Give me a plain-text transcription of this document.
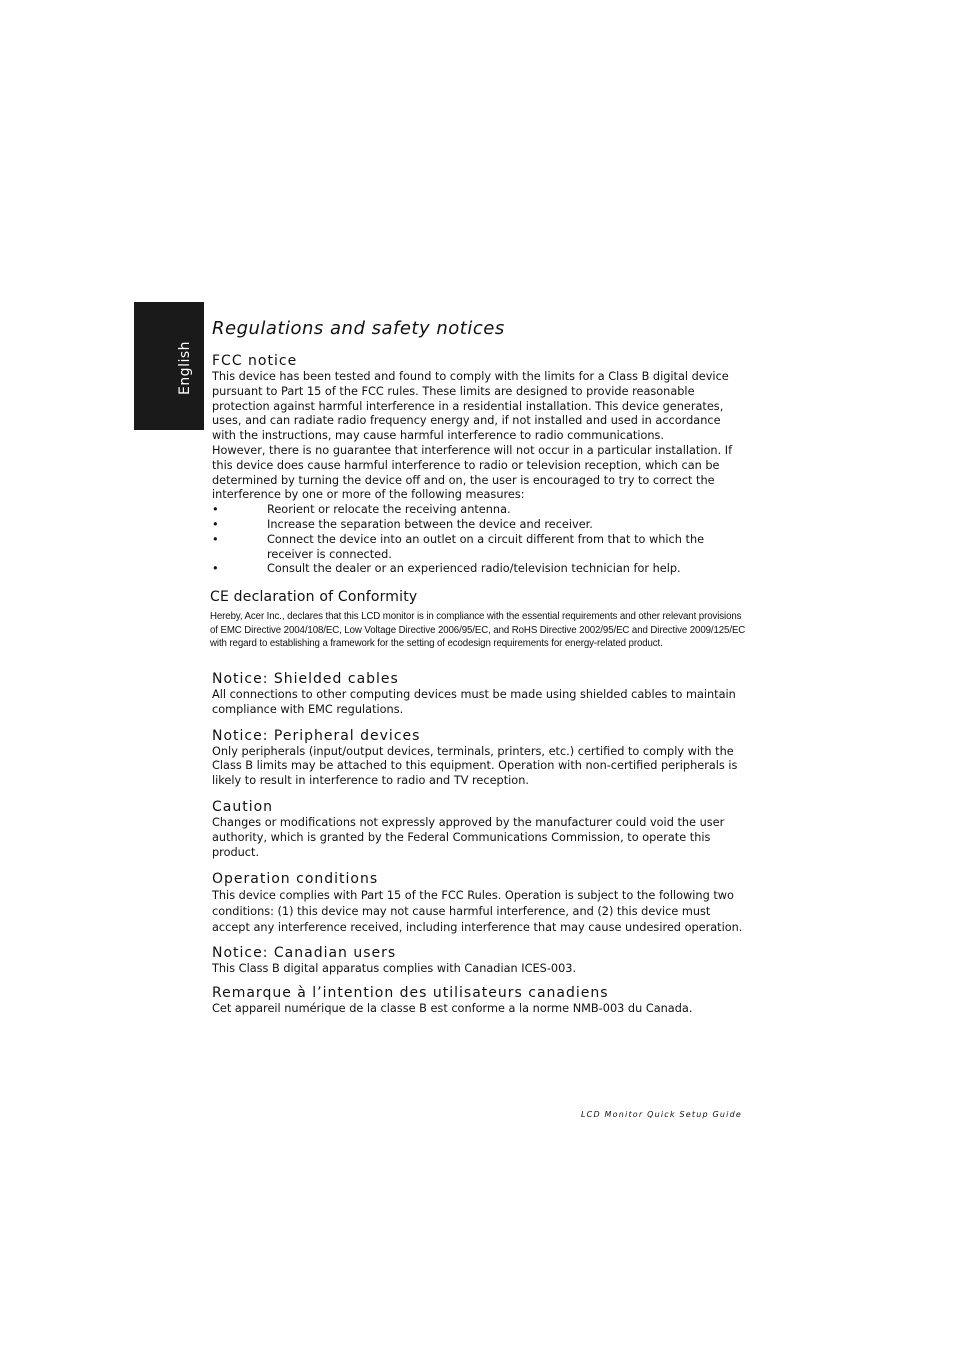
English
Regulations and safety notices
FCC notice

This device has been tested and found to comply with the limits for a Class B digital device pursuant to Part 15 of the FCC rules. These limits are designed to provide reasonable protection against harmful interference in a residential installation. This device generates, uses, and can radiate radio frequency energy and, if not installed and used in accordance with the instructions, may cause harmful interference to radio communications.

However, there is no guarantee that interference will not occur in a particular installation. If this device does cause harmful interference to radio or television reception, which can be determined by turning the device off and on, the user is encouraged to try to correct the interference by one or more of the following measures:

• Reorient or relocate the receiving antenna.
• Increase the separation between the device and receiver.
• Connect the device into an outlet on a circuit different from that to which the receiver is connected.
• Consult the dealer or an experienced radio/television technician for help.
CE declaration of Conformity

Hereby, Acer Inc., declares that this LCD monitor is in compliance with the essential requirements and other relevant provisions of EMC Directive 2004/108/EC, Low Voltage Directive 2006/95/EC, and RoHS Directive 2002/95/EC and Directive 2009/125/EC with regard to establishing a framework for the setting of ecodesign requirements for energy-related product.

Notice: Shielded cables

All connections to other computing devices must be made using shielded cables to maintain compliance with EMC regulations.

Notice: Peripheral devices

Only peripherals (input/output devices, terminals, printers, etc.) certified to comply with the Class B limits may be attached to this equipment. Operation with non-certified peripherals is likely to result in interference to radio and TV reception.

Caution

Changes or modifications not expressly approved by the manufacturer could void the user authority, which is granted by the Federal Communications Commission, to operate this product.

Operation conditions

This device complies with Part 15 of the FCC Rules. Operation is subject to the following two conditions: (1) this device may not cause harmful interference, and (2) this device must accept any interference received, including interference that may cause undesired operation.

Notice: Canadian users

This Class B digital apparatus complies with Canadian ICES-003.

Remarque à l’intention des utilisateurs canadiens

Cet appareil numérique de la classe B est conforme a la norme NMB-003 du Canada.

LCD Monitor Quick Setup Guide
